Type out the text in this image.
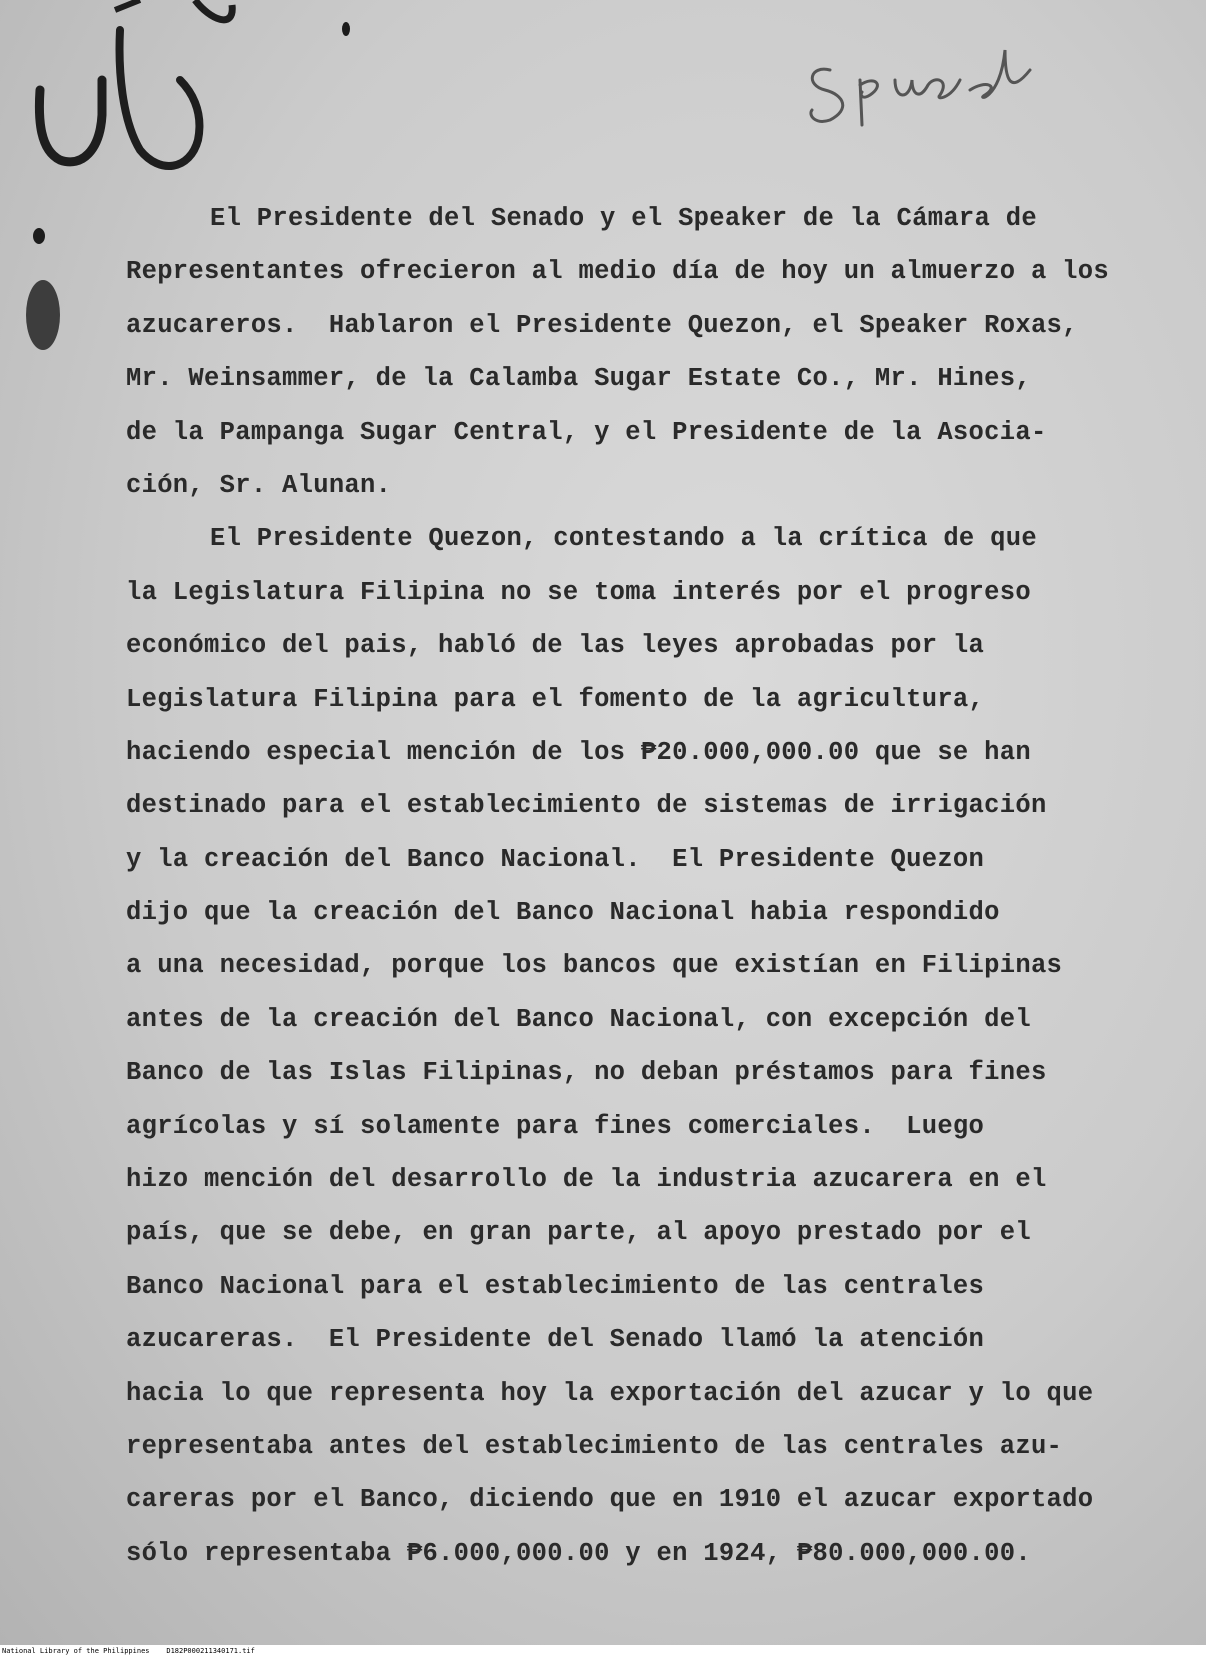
El Presidente del Senado y el Speaker de la Cámara de
Representantes ofrecieron al medio día de hoy un almuerzo a los
azucareros.  Hablaron el Presidente Quezon, el Speaker Roxas,
Mr. Weinsammer, de la Calamba Sugar Estate Co., Mr. Hines,
de la Pampanga Sugar Central, y el Presidente de la Asocia-
ción, Sr. Alunan.
El Presidente Quezon, contestando a la crítica de que
la Legislatura Filipina no se toma interés por el progreso
económico del pais, habló de las leyes aprobadas por la
Legislatura Filipina para el fomento de la agricultura,
haciendo especial mención de los ₱20.000,000.00 que se han
destinado para el establecimiento de sistemas de irrigación
y la creación del Banco Nacional.  El Presidente Quezon
dijo que la creación del Banco Nacional habia respondido
a una necesidad, porque los bancos que existían en Filipinas
antes de la creación del Banco Nacional, con excepción del
Banco de las Islas Filipinas, no deban préstamos para fines
agrícolas y sí solamente para fines comerciales.  Luego
hizo mención del desarrollo de la industria azucarera en el
país, que se debe, en gran parte, al apoyo prestado por el
Banco Nacional para el establecimiento de las centrales
azucareras.  El Presidente del Senado llamó la atención
hacia lo que representa hoy la exportación del azucar y lo que
representaba antes del establecimiento de las centrales azu-
careras por el Banco, diciendo que en 1910 el azucar exportado
sólo representaba ₱6.000,000.00 y en 1924, ₱80.000,000.00.
National Library of the Philippines    D182P000211340171.tif
